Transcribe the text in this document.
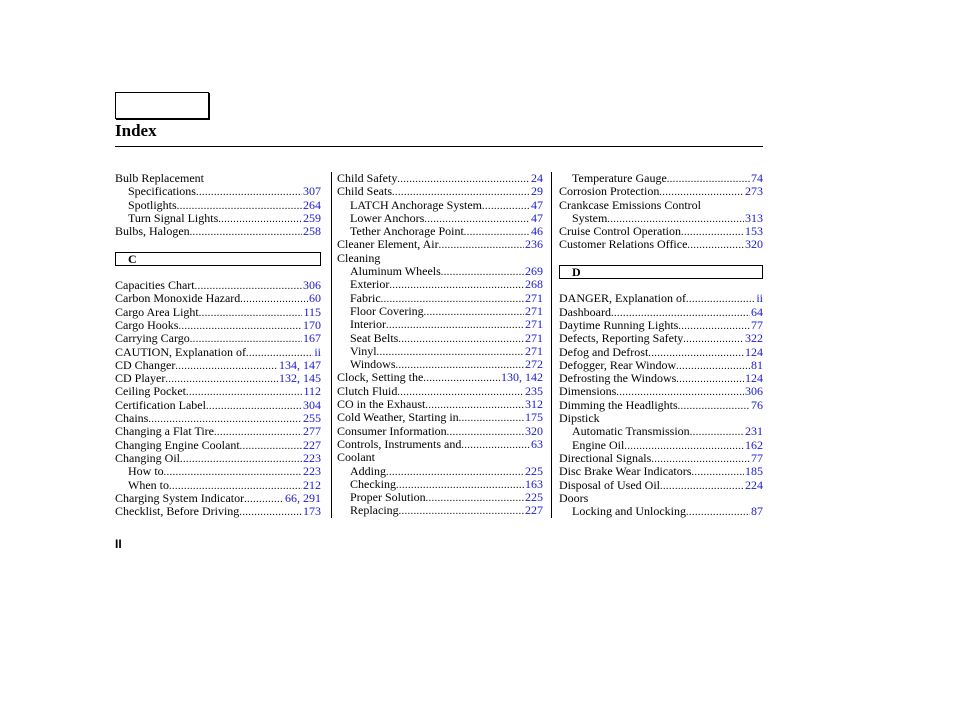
Index
Bulb Replacement
Specifications .....	307
Spotlights .....	264
Turn Signal Lights .....	259
Bulbs, Halogen .....	258
C
Capacities Chart .....	306
Carbon Monoxide Hazard .....	60
Cargo Area Light .....	115
Cargo Hooks .....	170
Carrying Cargo .....	167
CAUTION, Explanation of .....	ii
CD Changer .....	134, 147
CD Player .....	132, 145
Ceiling Pocket .....	112
Certification Label .....	304
Chains .....	255
Changing a Flat Tire .....	277
Changing Engine Coolant .....	227
Changing Oil .....	223
How to .....	223
When to .....	212
Charging System Indicator .....	66, 291
Checklist, Before Driving .....	173
Child Safety .....	24
Child Seats .....	29
LATCH Anchorage System .....	47
Lower Anchors .....	47
Tether Anchorage Point .....	46
Cleaner Element, Air .....	236
Cleaning
Aluminum Wheels .....	269
Exterior .....	268
Fabric .....	271
Floor Covering .....	271
Interior .....	271
Seat Belts .....	271
Vinyl .....	271
Windows .....	272
Clock, Setting the .....	130, 142
Clutch Fluid .....	235
CO in the Exhaust .....	312
Cold Weather, Starting in .....	175
Consumer Information .....	320
Controls, Instruments and .....	63
Coolant
Adding .....	225
Checking .....	163
Proper Solution .....	225
Replacing .....	227
Temperature Gauge .....	74
Corrosion Protection .....	273
Crankcase Emissions Control
System .....	313
Cruise Control Operation .....	153
Customer Relations Office .....	320
D
DANGER, Explanation of .....	ii
Dashboard .....	64
Daytime Running Lights .....	77
Defects, Reporting Safety .....	322
Defog and Defrost .....	124
Defogger, Rear Window .....	81
Defrosting the Windows .....	124
Dimensions .....	306
Dimming the Headlights .....	76
Dipstick
Automatic Transmission .....	231
Engine Oil .....	162
Directional Signals .....	77
Disc Brake Wear Indicators .....	185
Disposal of Used Oil .....	224
Doors
Locking and Unlocking .....	87
II
